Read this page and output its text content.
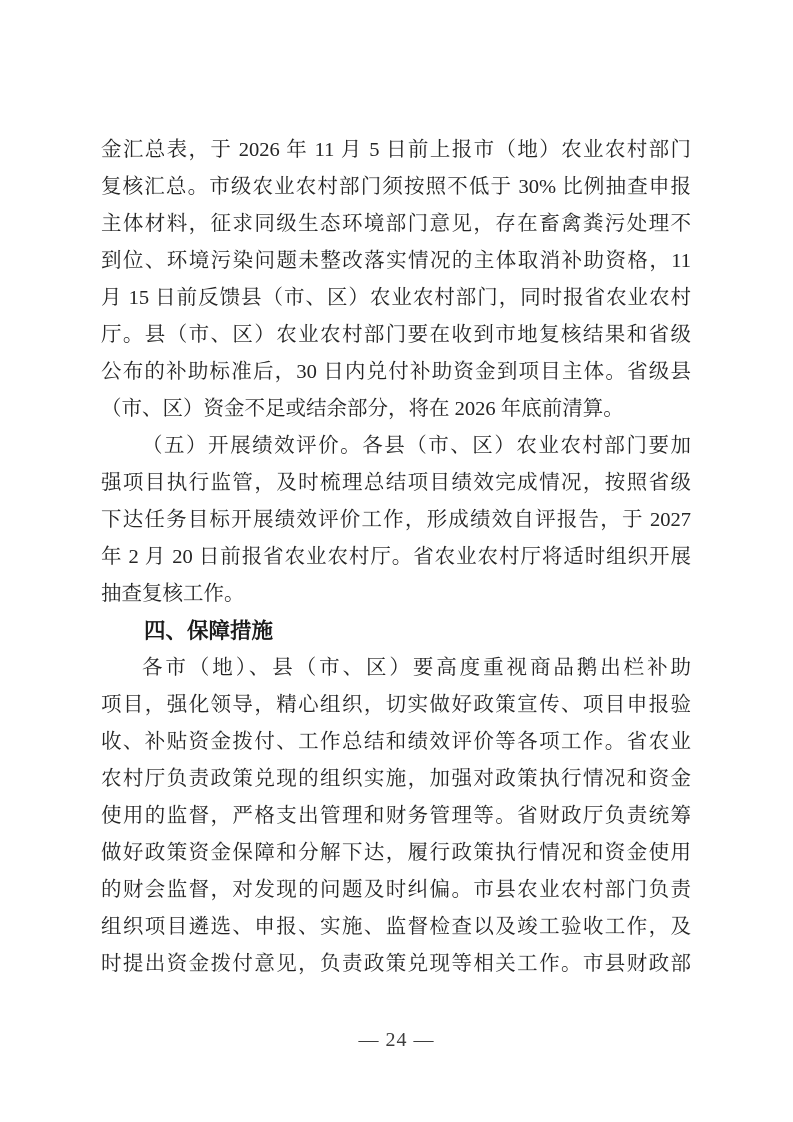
金汇总表，于 2026 年 11 月 5 日前上报市（地）农业农村部门
复核汇总。市级农业农村部门须按照不低于 30% 比例抽查申报
主体材料，征求同级生态环境部门意见，存在畜禽粪污处理不
到位、环境污染问题未整改落实情况的主体取消补助资格，11
月 15 日前反馈县（市、区）农业农村部门，同时报省农业农村
厅。县（市、区）农业农村部门要在收到市地复核结果和省级
公布的补助标准后，30 日内兑付补助资金到项目主体。省级县
（市、区）资金不足或结余部分，将在 2026 年底前清算。
（五）开展绩效评价。各县（市、区）农业农村部门要加
强项目执行监管，及时梳理总结项目绩效完成情况，按照省级
下达任务目标开展绩效评价工作，形成绩效自评报告，于 2027
年 2 月 20 日前报省农业农村厅。省农业农村厅将适时组织开展
抽查复核工作。
四、保障措施
各市（地）、县（市、区）要高度重视商品鹅出栏补助
项目，强化领导，精心组织，切实做好政策宣传、项目申报验
收、补贴资金拨付、工作总结和绩效评价等各项工作。省农业
农村厅负责政策兑现的组织实施，加强对政策执行情况和资金
使用的监督，严格支出管理和财务管理等。省财政厅负责统筹
做好政策资金保障和分解下达，履行政策执行情况和资金使用
的财会监督，对发现的问题及时纠偏。市县农业农村部门负责
组织项目遴选、申报、实施、监督检查以及竣工验收工作，及
时提出资金拨付意见，负责政策兑现等相关工作。市县财政部
— 24 —
